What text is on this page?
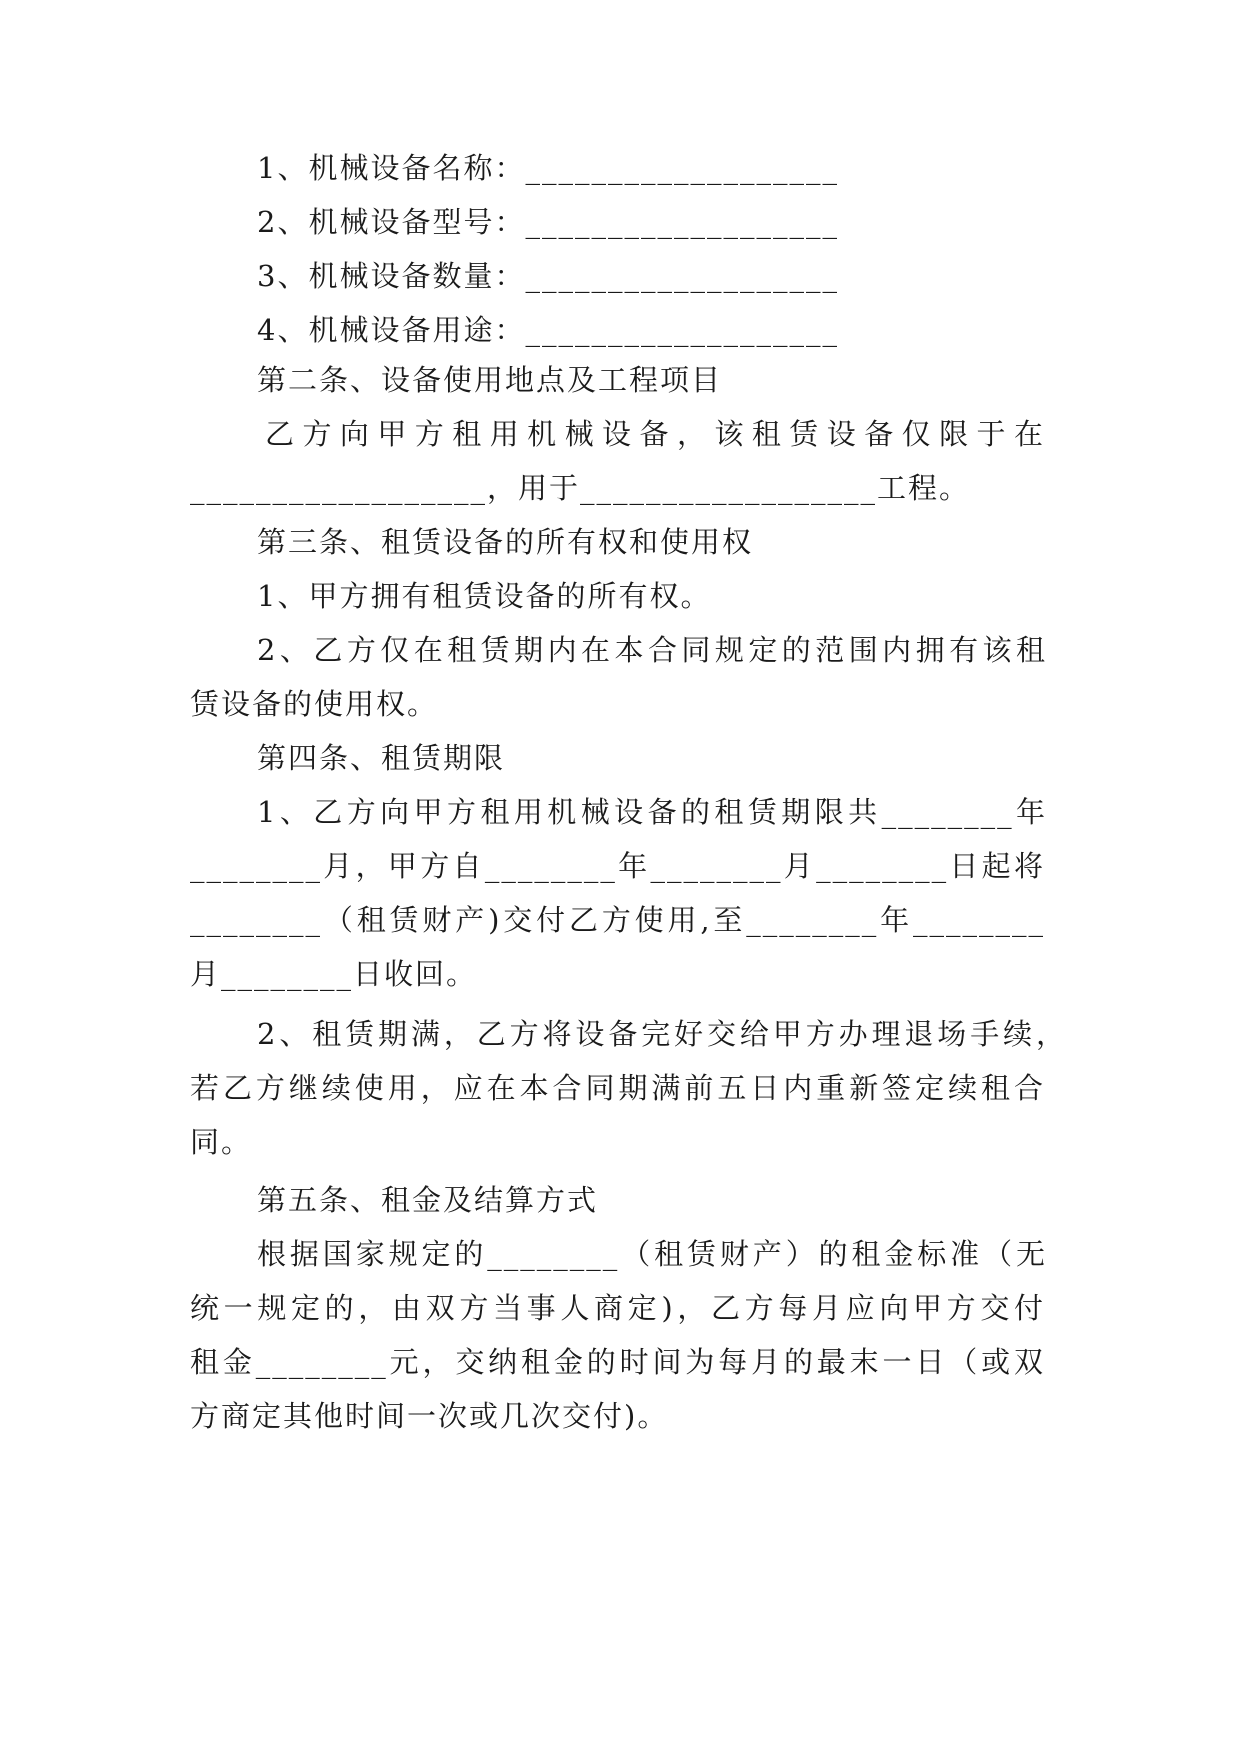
1、机械设备名称：___________________
2、机械设备型号：___________________
3、机械设备数量：___________________
4、机械设备用途：___________________
第二条、设备使用地点及工程项目
乙方向甲方租用机械设备，该租赁设备仅限于在
__________________，用于__________________工程。
第三条、租赁设备的所有权和使用权
1、甲方拥有租赁设备的所有权。
2、乙方仅在租赁期内在本合同规定的范围内拥有该租
赁设备的使用权。
第四条、租赁期限
1、乙方向甲方租用机械设备的租赁期限共________年
________月，甲方自________年________月________日起将
________（租赁财产)交付乙方使用,至________年________
月________日收回。
2、租赁期满，乙方将设备完好交给甲方办理退场手续，
若乙方继续使用，应在本合同期满前五日内重新签定续租合
同。
第五条、租金及结算方式
根据国家规定的________（租赁财产）的租金标准（无
统一规定的，由双方当事人商定)，乙方每月应向甲方交付
租金________元，交纳租金的时间为每月的最末一日（或双
方商定其他时间一次或几次交付)。
